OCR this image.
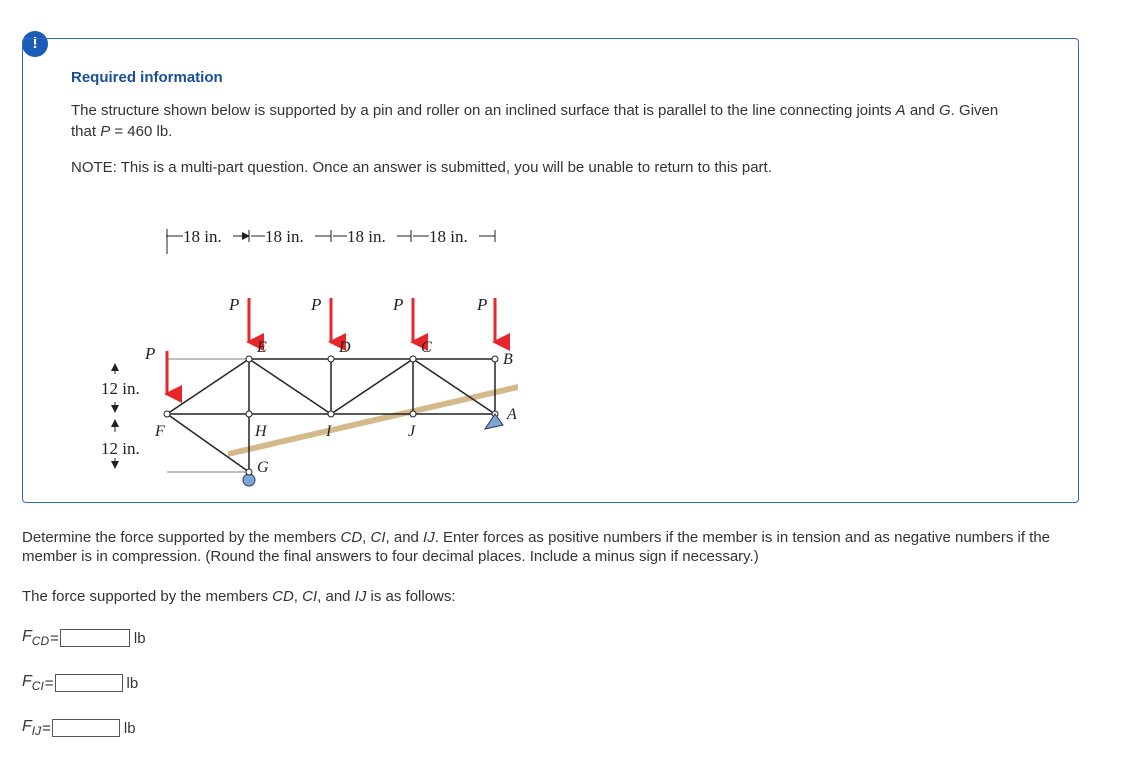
!
Required information
The structure shown below is supported by a pin and roller on an inclined surface that is parallel to the line connecting joints A and G. Given that P = 460 lb.
NOTE: This is a multi-part question. Once an answer is submitted, you will be unable to return to this part.
18 in.	18 in.	18 in.	18 in.
12 in.
12 in.
P
P	P	P	P
A
B
C
D
E
F
G
H	I	J
Determine the force supported by the members CD, CI, and IJ. Enter forces as positive numbers if the member is in tension and as negative numbers if the member is in compression. (Round the final answers to four decimal places. Include a minus sign if necessary.)
The force supported by the members CD, CI, and IJ is as follows:
$F_{CD}$ =	lb
$F_{CI}$ =	lb
$F_{IJ}$ =	lb
